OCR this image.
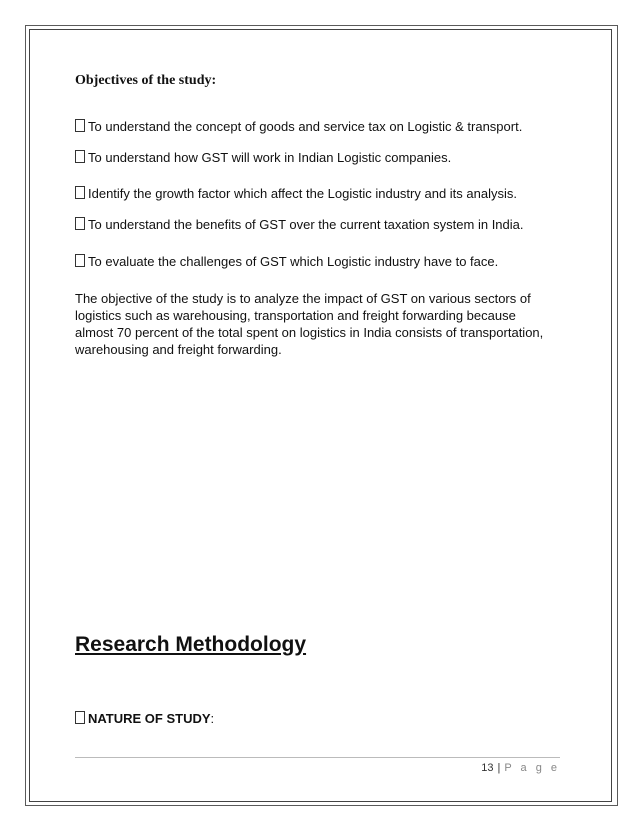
Objectives of the study:
To understand the concept of goods and service tax on Logistic & transport.
To understand how GST will work in Indian Logistic companies.
Identify the growth factor which affect the Logistic industry and its analysis.
To understand the benefits of GST over the current taxation system in India.
To evaluate the challenges of GST which Logistic industry have to face.
The objective of the study is to analyze the impact of GST on various sectors of logistics such as warehousing, transportation and freight forwarding because almost 70 percent of the total spent on logistics in India consists of transportation, warehousing and freight forwarding.
Research Methodology
NATURE OF STUDY:
13 | P a g e
